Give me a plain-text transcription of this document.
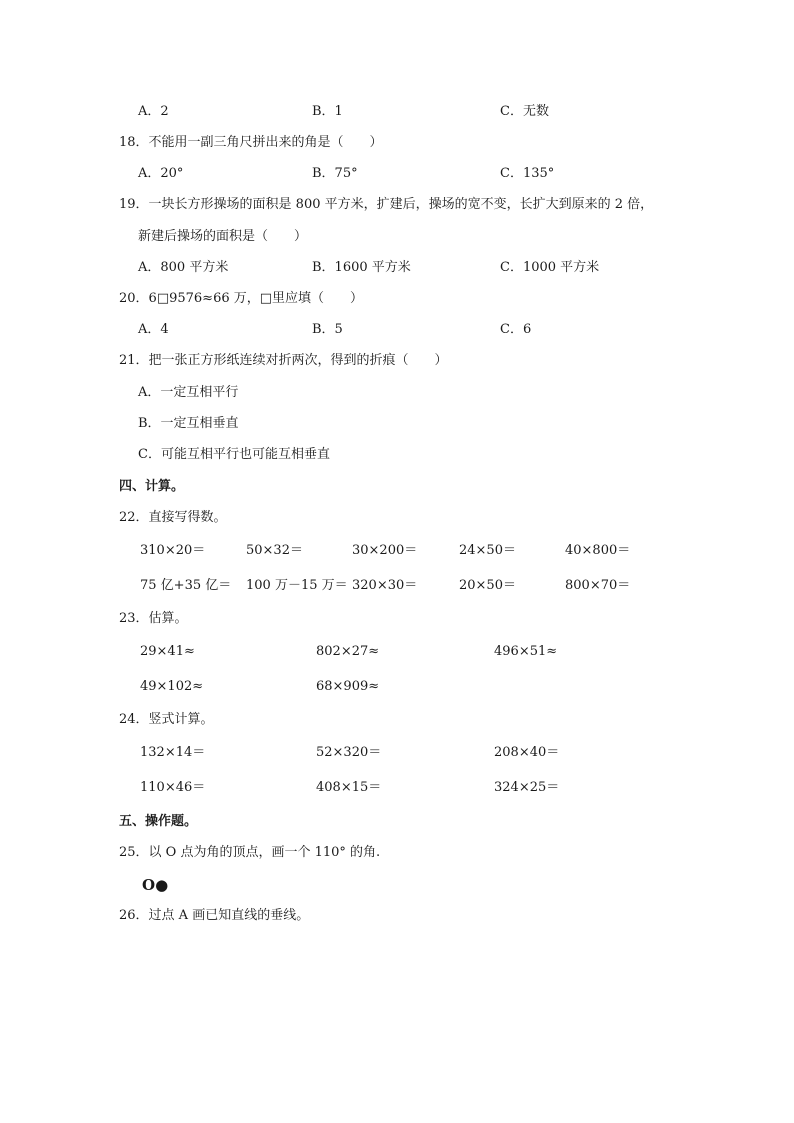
A．2	B．1	C．无数
18．不能用一副三角尺拼出来的角是（　　）
A．20°	B．75°	C．135°
19．一块长方形操场的面积是 800 平方米，扩建后，操场的宽不变，长扩大到原来的 2 倍，
新建后操场的面积是（　　）
A．800 平方米	B．1600 平方米	C．1000 平方米
20．6□9576≈66 万，□里应填（　　）
A．4	B．5	C．6
21．把一张正方形纸连续对折两次，得到的折痕（　　）
A．一定互相平行
B．一定互相垂直
C．可能互相平行也可能互相垂直
四、计算。
22．直接写得数。
310×20＝	50×32＝	30×200＝	24×50＝	40×800＝
75 亿+35 亿＝ 100 万－15 万＝ 320×30＝	20×50＝	800×70＝
23．估算。
29×41≈	802×27≈	496×51≈
49×102≈	68×909≈
24．竖式计算。
132×14＝	52×320＝	208×40＝
110×46＝	408×15＝	324×25＝
五、操作题。
25．以 O 点为角的顶点，画一个 110° 的角.
O●
26．过点 A 画已知直线的垂线。
